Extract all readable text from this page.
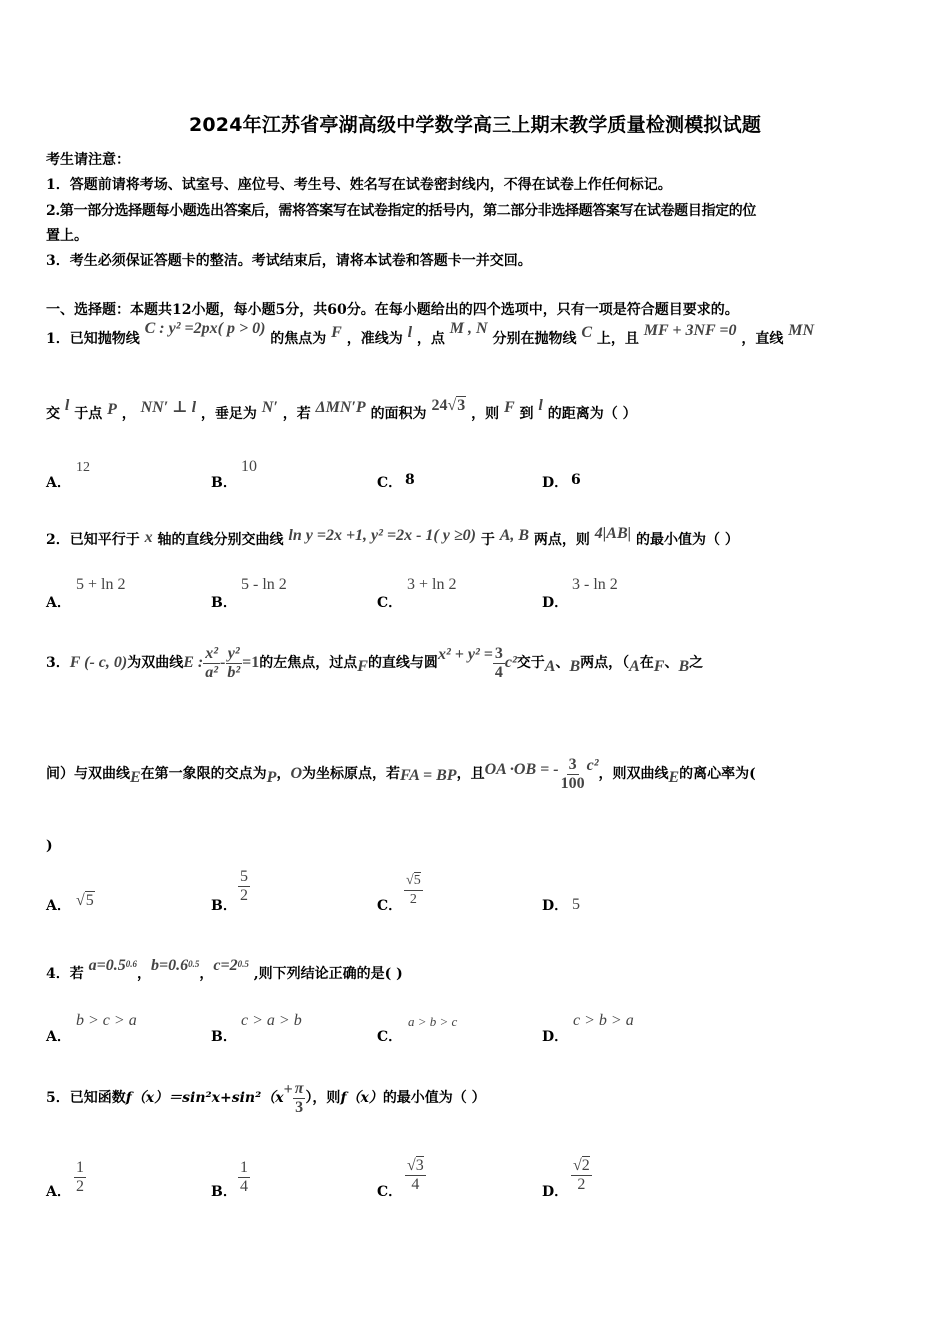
2024年江苏省亭湖高级中学数学高三上期末教学质量检测模拟试题
考生请注意：
1．答题前请将考场、试室号、座位号、考生号、姓名写在试卷密封线内，不得在试卷上作任何标记。
2.第一部分选择题每小题选出答案后，需将答案写在试卷指定的括号内，第二部分非选择题答案写在试卷题目指定的位
置上。
3．考生必须保证答题卡的整洁。考试结束后，请将本试卷和答题卡一并交回。
一、选择题：本题共12小题，每小题5分，共60分。在每小题给出的四个选项中，只有一项是符合题目要求的。
1．已知抛物线 C : y² =2px( p > 0) 的焦点为 F ，准线为 l ，点 M , N 分别在抛物线 C 上，且 MF + 3NF =0 ，直线 MN
交 l 于点 P ， NN′ ⊥ l ，垂足为 N′ ，若 ΔMN′P 的面积为 24√3 ，则 F 到 l 的距离为（ ）
A．
12
B．
10
C． 8	D． 6
2．已知平行于 x 轴的直线分别交曲线 ln y =2x +1, y² =2x - 1( y ≥0) 于 A, B 两点，则 4|AB| 的最小值为（ ）
A．
5 + ln 2
B．
5 - ln 2
C．
3 + ln 2
D．
3 - ln 2
3． F (- c, 0) 为双曲线 E : $\frac{\text{x²}}{\text{a²}} - \frac{\text{y²}}{\text{b²}} =1$ 的左焦点，过点 F 的直线与圆 $x^2 + y^2 = \frac{3}{4} c^2$ 交于 A 、 B 两点，（ A 在 F 、 B 之
间）与双曲线 E 在第一象限的交点为 P ， O 为坐标原点，若 FA = BP ，且 OA ·OB = - $\frac{3}{100} c^2$ ，则双曲线 E 的离心率为(
)
A． √5	B．
$\frac{5}{2}$
C． $\frac{√5}{2}$	D． 5
4．若 $a=0.5^{0.6}$，$b=0.6^{0.5}$，$c=2^{0.5}$ ,则下列结论正确的是( )
A．
b > c > a
B．
c > a > b
C．
a > b > c
D．
c > b > a
5．已知函数 $f(x)=\sin^2x+\sin^2(x + \frac{\pi}{3}$ ），则 f（x） 的最小值为（ ）
A． $\frac{1}{2}$	B． $\frac{1}{4}$	C． $\frac{√3}{4}$	D． $\frac{√2}{2}$
